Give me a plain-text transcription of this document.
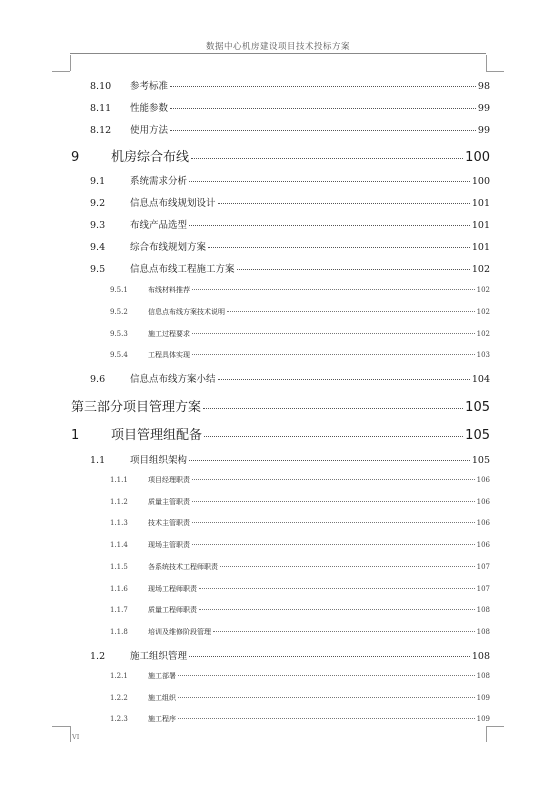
数据中心机房建设项目技术投标方案
8.10	参考标准	98
8.11	性能参数	99
8.12	使用方法	99
9	机房综合布线	100
9.1	系统需求分析	100
9.2	信息点布线规划设计	101
9.3	布线产品选型	101
9.4	综合布线规划方案	101
9.5	信息点布线工程施工方案	102
9.5.1	布线材料推荐	102
9.5.2	信息点布线方案技术说明	102
9.5.3	施工过程要求	102
9.5.4	工程具体实现	103
9.6	信息点布线方案小结	104
第三部分项目管理方案	105
1	项目管理组配备	105
1.1	项目组织架构	105
1.1.1	项目经理职责	106
1.1.2	质量主管职责	106
1.1.3	技术主管职责	106
1.1.4	现场主管职责	106
1.1.5	各系统技术工程师职责	107
1.1.6	现场工程师职责	107
1.1.7	质量工程师职责	108
1.1.8	培训及维修阶段管理	108
1.2	施工组织管理	108
1.2.1	施工部署	108
1.2.2	施工组织	109
1.2.3	施工程序	109
VI
